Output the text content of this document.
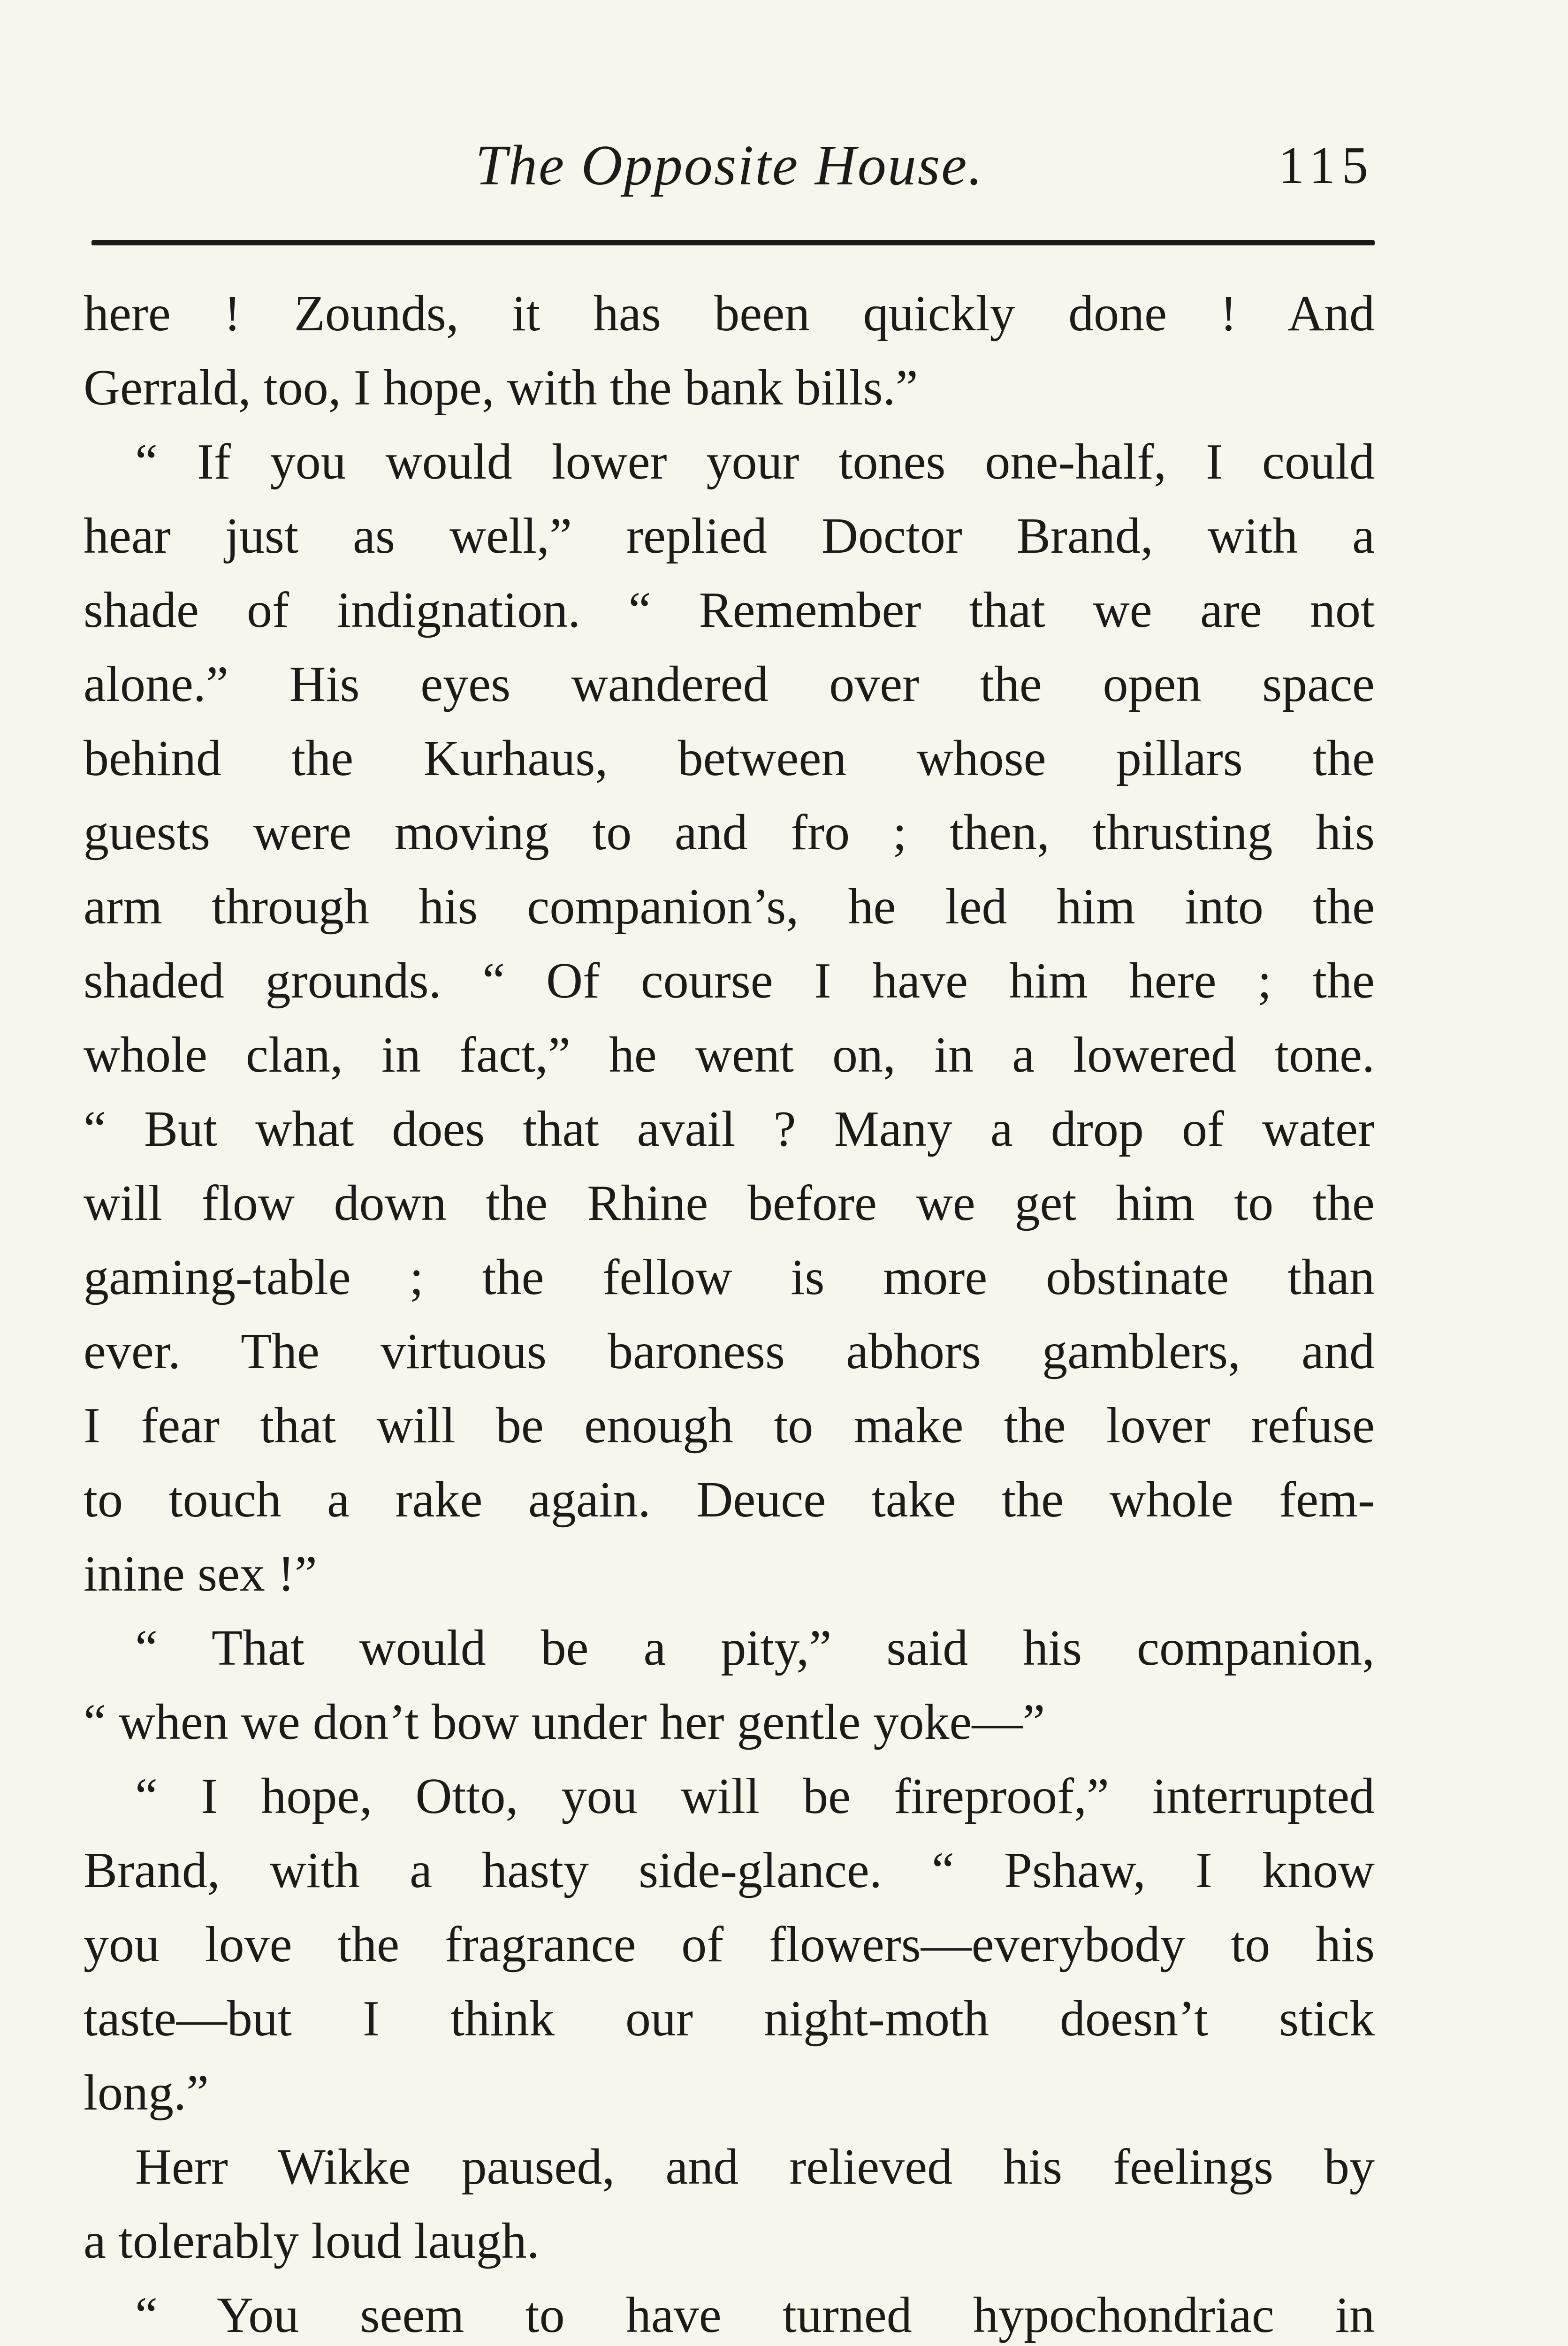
The Opposite House.	115
here ! Zounds, it has been quickly done ! And
Gerrald, too, I hope, with the bank bills.”
“ If you would lower your tones one-half, I could
hear just as well,” replied Doctor Brand, with a
shade of indignation. “ Remember that we are not
alone.” His eyes wandered over the open space
behind the Kurhaus, between whose pillars the
guests were moving to and fro ; then, thrusting his
arm through his companion’s, he led him into the
shaded grounds. “ Of course I have him here ; the
whole clan, in fact,” he went on, in a lowered tone.
“ But what does that avail ? Many a drop of water
will flow down the Rhine before we get him to the
gaming-table ; the fellow is more obstinate than
ever. The virtuous baroness abhors gamblers, and
I fear that will be enough to make the lover refuse
to touch a rake again. Deuce take the whole fem-
inine sex !”
“ That would be a pity,” said his companion,
“ when we don’t bow under her gentle yoke—”
“ I hope, Otto, you will be fireproof,” interrupted
Brand, with a hasty side-glance. “ Pshaw, I know
you love the fragrance of flowers—everybody to his
taste—but I think our night-moth doesn’t stick
long.”
Herr Wikke paused, and relieved his feelings by
a tolerably loud laugh.
“ You seem to have turned hypochondriac in
